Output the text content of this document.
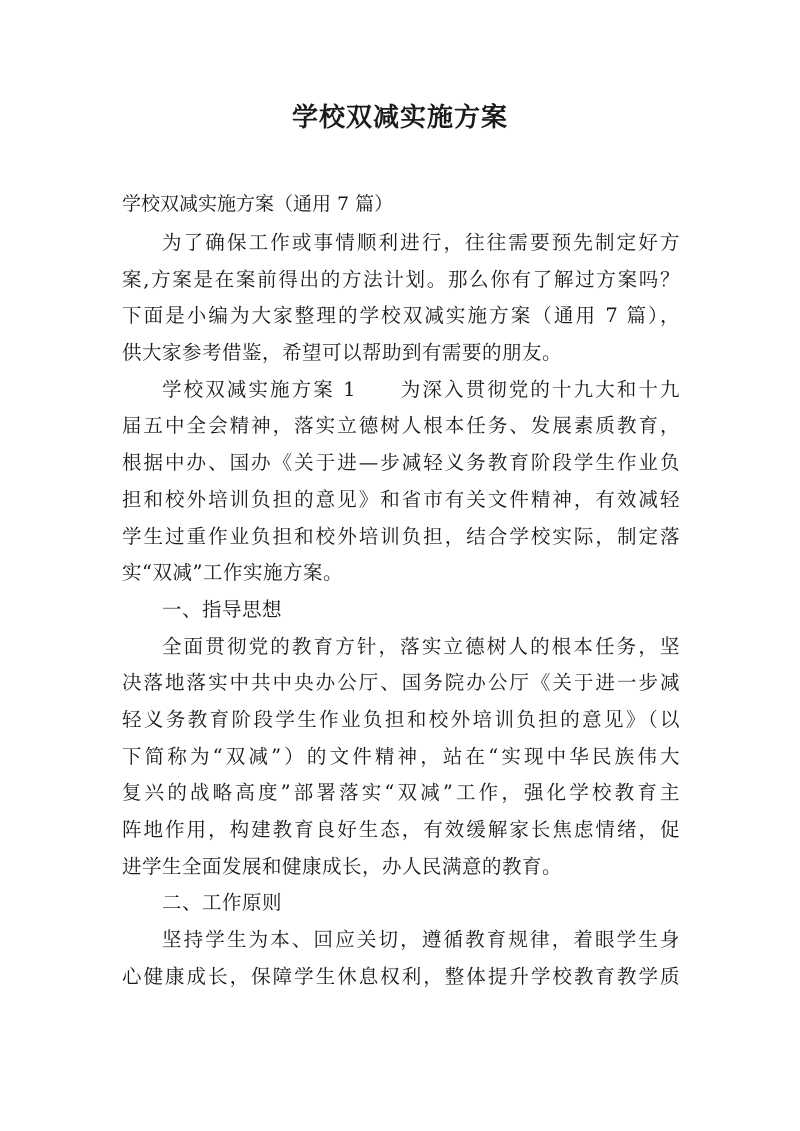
学校双减实施方案

学校双减实施方案（通用 7 篇）

为了确保工作或事情顺利进行，往往需要预先制定好方
案,方案是在案前得出的方法计划。那么你有了解过方案吗？
下面是小编为大家整理的学校双减实施方案（通用 7 篇），
供大家参考借鉴，希望可以帮助到有需要的朋友。
学校双减实施方案 1　　为深入贯彻党的十九大和十九
届五中全会精神，落实立德树人根本任务、发展素质教育，
根据中办、国办《关于进—步减轻义务教育阶段学生作业负
担和校外培训负担的意见》和省市有关文件精神，有效减轻
学生过重作业负担和校外培训负担，结合学校实际，制定落
实“双减”工作实施方案。
一、指导思想
全面贯彻党的教育方针，落实立德树人的根本任务，坚
决落地落实中共中央办公厅、国务院办公厅《关于进一步减
轻义务教育阶段学生作业负担和校外培训负担的意见》（以
下简称为“双减”）的文件精神，站在“实现中华民族伟大
复兴的战略高度”部署落实“双减”工作，强化学校教育主
阵地作用，构建教育良好生态，有效缓解家长焦虑情绪，促
进学生全面发展和健康成长，办人民满意的教育。
二、工作原则
坚持学生为本、回应关切，遵循教育规律，着眼学生身
心健康成长，保障学生休息权利，整体提升学校教育教学质
